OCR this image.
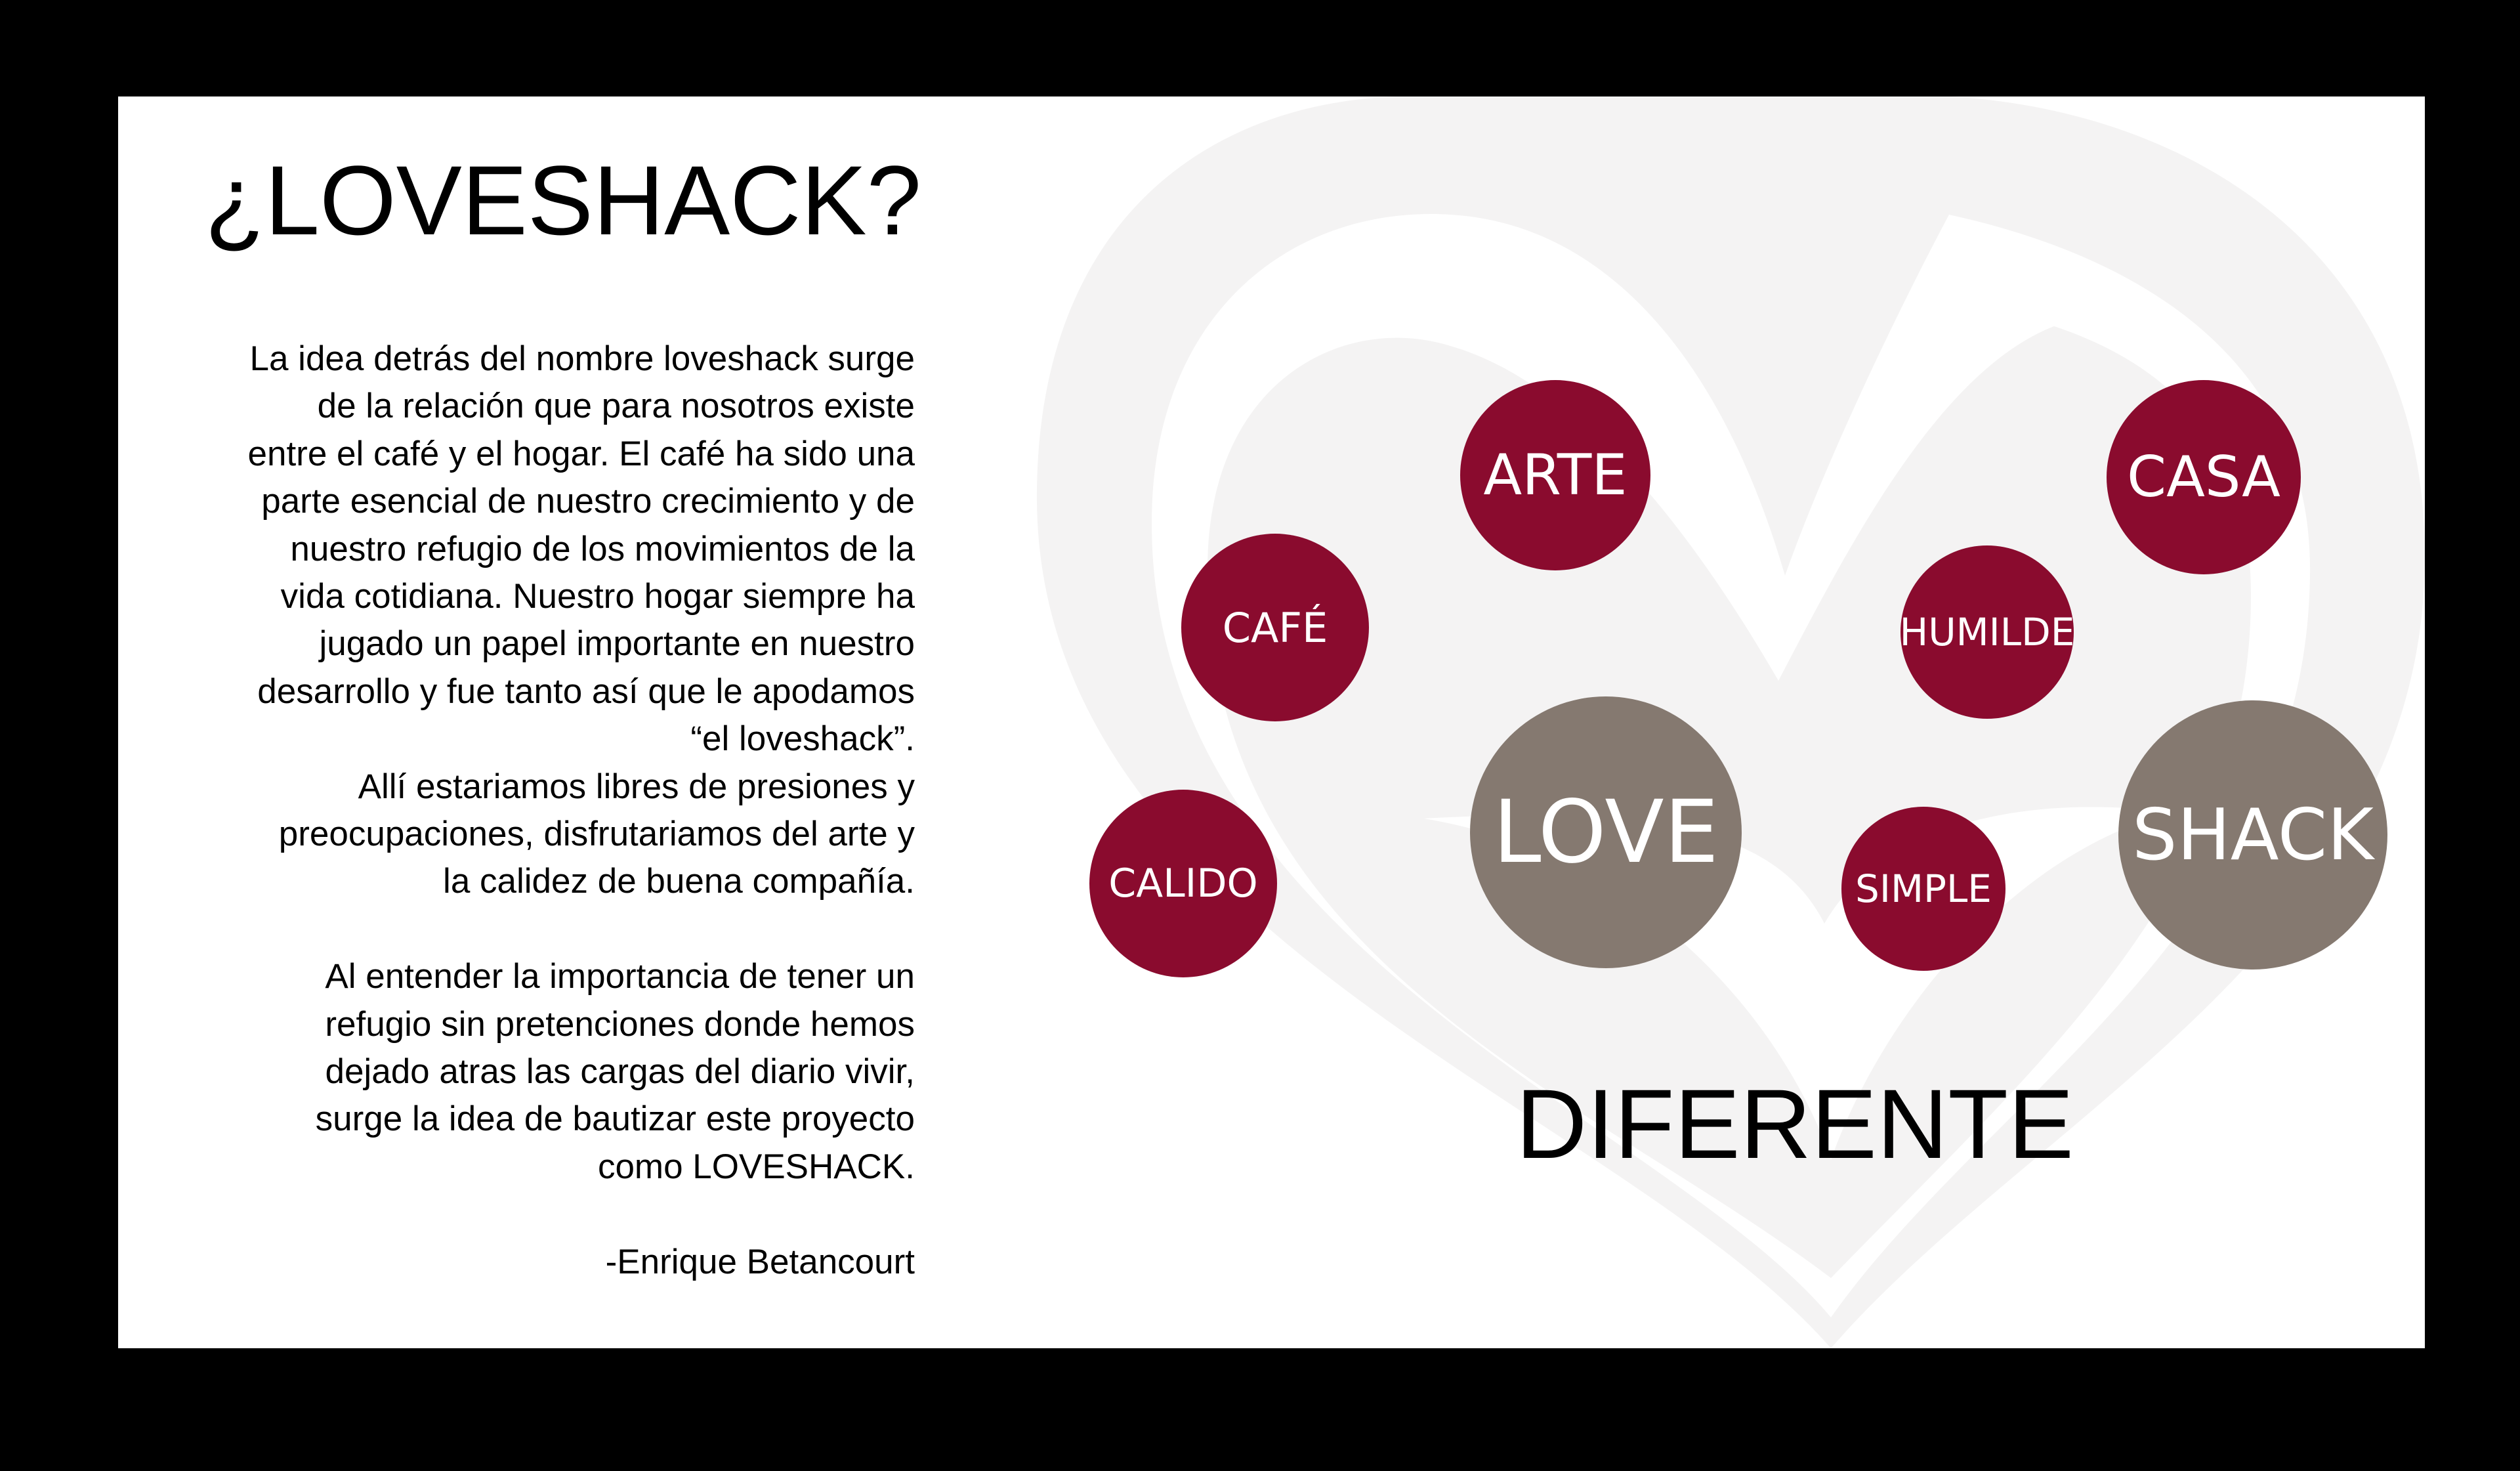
¿LOVESHACK?
La idea detrás del nombre loveshack surge
de la relación que para nosotros existe
entre el café y el hogar. El café ha sido una
parte esencial de nuestro crecimiento y de
nuestro refugio de los movimientos de la
vida cotidiana. Nuestro hogar siempre ha
jugado un papel importante en nuestro
desarrollo y fue tanto así que le apodamos
“el loveshack”.
Allí estariamos libres de presiones y
preocupaciones, disfrutariamos del arte y
la calidez de buena compañía.
Al entender la importancia de tener un
refugio sin pretenciones donde hemos
dejado atras las cargas del diario vivir,
surge la idea de bautizar este proyecto
como LOVESHACK.
-Enrique Betancourt
ARTE	CASA
CAFÉ	HUMILDE
LOVE	SHACK
CALIDO	SIMPLE
DIFERENTE
